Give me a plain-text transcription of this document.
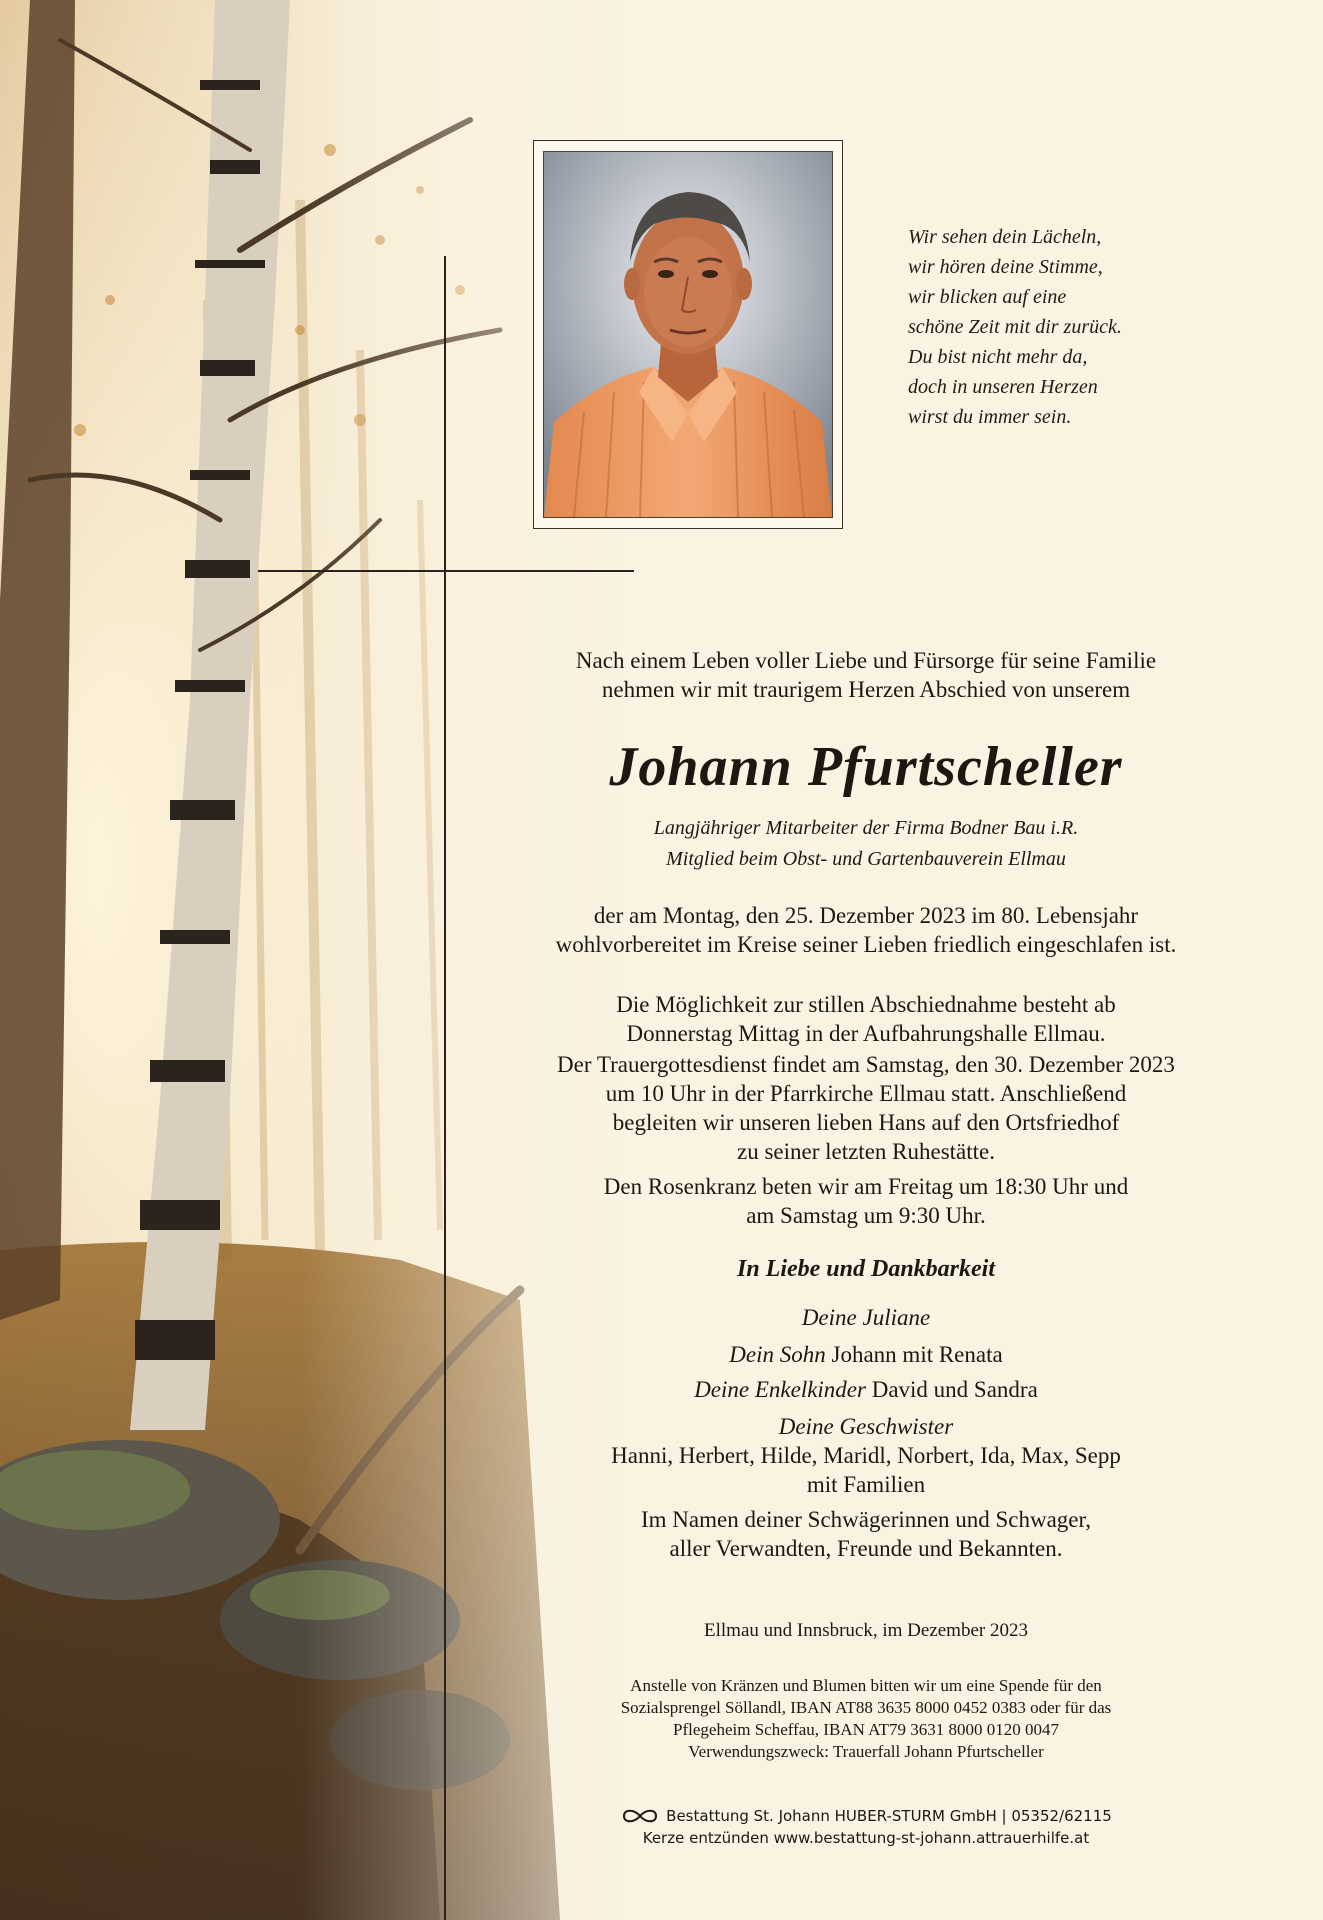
Wir sehen dein Lächeln,
wir hören deine Stimme,
wir blicken auf eine
schöne Zeit mit dir zurück.
Du bist nicht mehr da,
doch in unseren Herzen
wirst du immer sein.
Nach einem Leben voller Liebe und Fürsorge für seine Familie
nehmen wir mit traurigem Herzen Abschied von unserem
Johann Pfurtscheller
Langjähriger Mitarbeiter der Firma Bodner Bau i.R.
Mitglied beim Obst- und Gartenbauverein Ellmau
der am Montag, den 25. Dezember 2023 im 80. Lebensjahr
wohlvorbereitet im Kreise seiner Lieben friedlich eingeschlafen ist.
Die Möglichkeit zur stillen Abschiednahme besteht ab
Donnerstag Mittag in der Aufbahrungshalle Ellmau.
Der Trauergottesdienst findet am Samstag, den 30. Dezember 2023
um 10 Uhr in der Pfarrkirche Ellmau statt. Anschließend
begleiten wir unseren lieben Hans auf den Ortsfriedhof
zu seiner letzten Ruhestätte.
Den Rosenkranz beten wir am Freitag um 18:30 Uhr und
am Samstag um 9:30 Uhr.
In Liebe und Dankbarkeit
Deine Juliane
Dein Sohn Johann mit Renata
Deine Enkelkinder David und Sandra
Deine Geschwister
Hanni, Herbert, Hilde, Maridl, Norbert, Ida, Max, Sepp
mit Familien
Im Namen deiner Schwägerinnen und Schwager,
aller Verwandten, Freunde und Bekannten.
Ellmau und Innsbruck, im Dezember 2023
Anstelle von Kränzen und Blumen bitten wir um eine Spende für den
Sozialsprengel Söllandl, IBAN AT88 3635 8000 0452 0383 oder für das
Pflegeheim Scheffau, IBAN AT79 3631 8000 0120 0047
Verwendungszweck: Trauerfall Johann Pfurtscheller
Bestattung St. Johann HUBER-STURM GmbH | 05352/62115
Kerze entzünden www.bestattung-st-johann.attrauerhilfe.at
